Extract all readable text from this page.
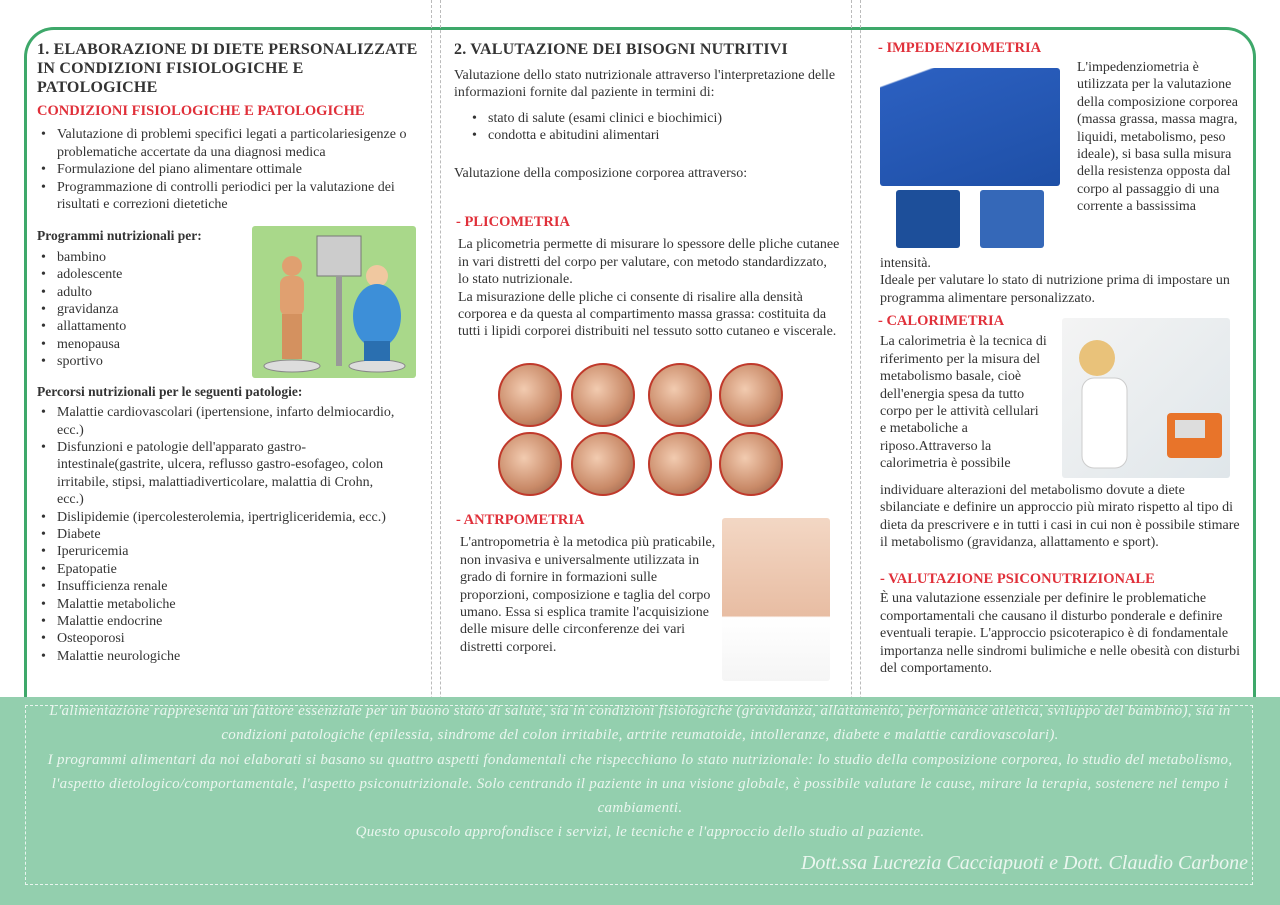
1. ELABORAZIONE DI DIETE PERSONALIZZATE IN CONDIZIONI FISIOLOGICHE E PATOLOGICHE
CONDIZIONI FISIOLOGICHE E PATOLOGICHE
• Valutazione di problemi specifici legati a particolariesigenze o problematiche accertate da una diagnosi medica
• Formulazione del piano alimentare ottimale
• Programmazione di controlli periodici per la valutazione dei risultati e correzioni dietetiche
Programmi nutrizionali per:
• bambino
• adolescente
• adulto
• gravidanza
• allattamento
• menopausa
• sportivo
Percorsi nutrizionali per le seguenti patologie:
• Malattie cardiovascolari (ipertensione, infarto delmiocardio, ecc.)
• Disfunzioni e patologie dell'apparato gastro-intestinale(gastrite, ulcera, reflusso gastro-esofageo, colon irritabile, stipsi, malattiadiverticolare, malattia di Crohn, ecc.)
• Dislipidemie (ipercolesterolemia, ipertrigliceridemia, ecc.)
• Diabete
• Iperuricemia
• Epatopatie
• Insufficienza renale
• Malattie metaboliche
• Malattie endocrine
• Osteoporosi
• Malattie neurologiche
2. VALUTAZIONE DEI BISOGNI NUTRITIVI

Valutazione dello stato nutrizionale attraverso l'interpretazione delle informazioni fornite dal paziente in termini di:

• stato di salute (esami clinici e biochimici)
• condotta e abitudini alimentari

Valutazione della composizione corporea attraverso:

- PLICOMETRIA

La plicometria permette di misurare lo spessore delle pliche cutanee in vari distretti del corpo per valutare, con metodo standardizzato, lo stato nutrizionale.

La misurazione delle pliche ci consente di risalire alla densità corporea e da questa al compartimento massa grassa: costituita da tutti i lipidi corporei distribuiti nel tessuto sotto cutaneo e viscerale.

- ANTRPOMETRIA

L'antropometria è la metodica più praticabile, non invasiva e universalmente utilizzata in grado di fornire in formazioni sulle proporzioni, composizione e taglia del corpo umano. Essa si esplica tramite l'acquisizione delle misure delle circonferenze dei vari distretti corporei.

- IMPEDENZIOMETRIA

L'impedenziometria è utilizzata per la valutazione della composizione corporea (massa grassa, massa magra, liquidi, metabolismo, peso ideale), si basa sulla misura della resistenza opposta dal corpo al passaggio di una corrente a bassissima

intensità.

Ideale per valutare lo stato di nutrizione prima di impostare un programma alimentare personalizzato.

- CALORIMETRIA

La calorimetria è la tecnica di riferimento per la misura del metabolismo basale, cioè dell'energia spesa da tutto corpo per le attività cellulari e metaboliche a riposo.Attraverso la calorimetria è possibile

individuare alterazioni del metabolismo dovute a diete sbilanciate e definire un approccio più mirato rispetto al tipo di dieta da prescrivere e in tutti i casi in cui non è possibile stimare il metabolismo (gravidanza, allattamento e sport).

- VALUTAZIONE PSICONUTRIZIONALE

È una valutazione essenziale per definire le problematiche comportamentali che causano il disturbo ponderale e definire eventuali terapie. L'approccio psicoterapico è di fondamentale importanza nelle sindromi bulimiche e nelle obesità con disturbi del comportamento.

L'alimentazione rappresenta un fattore essenziale per un buono stato di salute, sia in condizioni fisiologiche (gravidanza, allattamento, performance atletica, sviluppo del bambino), sia in condizioni patologiche (epilessia, sindrome del colon irritabile, artrite reumatoide, intolleranze, diabete e malattie cardiovascolari).

I programmi alimentari da noi elaborati si basano su quattro aspetti fondamentali che rispecchiano lo stato nutrizionale: lo studio della composizione corporea, lo studio del metabolismo, l'aspetto dietologico/comportamentale, l'aspetto psiconutrizionale. Solo centrando il paziente in una visione globale, è possibile valutare le cause, mirare la terapia, sostenere nel tempo i cambiamenti.

Questo opuscolo approfondisce i servizi, le tecniche e l'approccio dello studio al paziente.

Dott.ssa Lucrezia Cacciapuoti e Dott. Claudio Carbone
